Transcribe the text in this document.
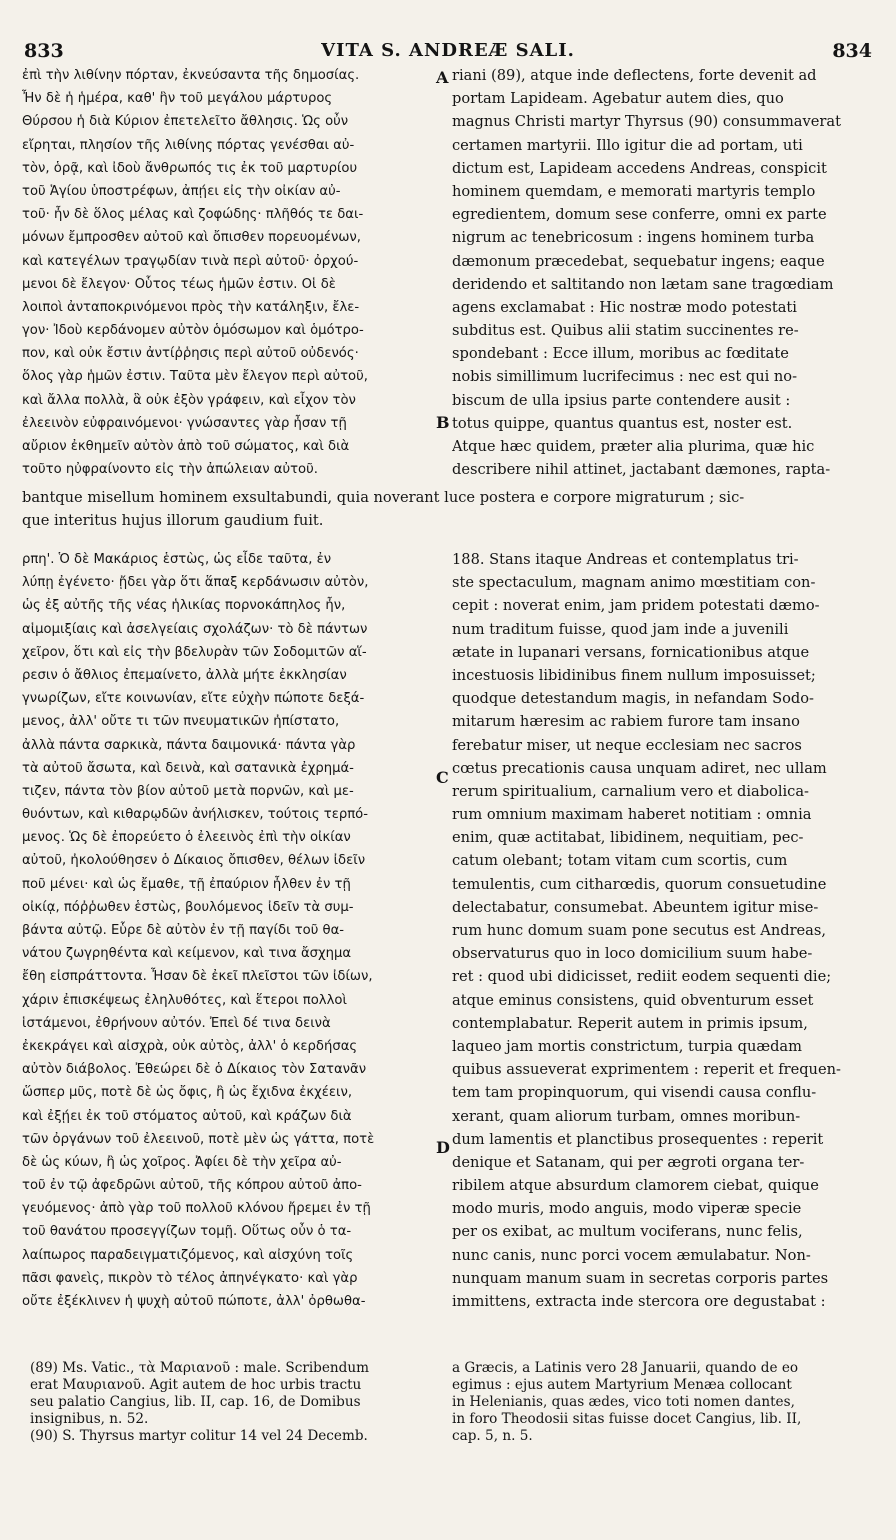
833	VITA S. ANDREÆ SALI.	834
ἐπὶ τὴν λιθίνην πόρταν, ἐκνεύσαντα τῆς δημοσίας.
Ἦν δὲ ἡ ἡμέρα, καθ' ἣν τοῦ μεγάλου μάρτυρος
Θύρσου ἡ διὰ Κύριον ἐπετελεῖτο ἄθλησις. Ὡς οὖν
εἴρηται, πλησίον τῆς λιθίνης πόρτας γενέσθαι αὐ-
τὸν, ὁρᾷ, καὶ ἰδοὺ ἄνθρωπός τις ἐκ τοῦ μαρτυρίου
τοῦ Ἁγίου ὑποστρέφων, ἀπῄει εἰς τὴν οἰκίαν αὐ-
τοῦ· ἦν δὲ ὅλος μέλας καὶ ζοφώδης· πλῆθός τε δαι-
μόνων ἔμπροσθεν αὐτοῦ καὶ ὄπισθεν πορευομένων,
καὶ κατεγέλων τραγῳδίαν τινὰ περὶ αὐτοῦ· ὀρχού-
μενοι δὲ ἔλεγον· Οὗτος τέως ἡμῶν ἐστιν. Οἱ δὲ
λοιποὶ ἀνταποκρινόμενοι πρὸς τὴν κατάληξιν, ἔλε-
γον· Ἰδοὺ κερδάνομεν αὐτὸν ὁμόσωμον καὶ ὁμότρο-
πον, καὶ οὐκ ἔστιν ἀντίῤῥησις περὶ αὐτοῦ οὐδενός·
ὅλος γὰρ ἡμῶν ἐστιν. Ταῦτα μὲν ἔλεγον περὶ αὐτοῦ,
καὶ ἄλλα πολλὰ, ἃ οὐκ ἐξὸν γράφειν, καὶ εἶχον τὸν
ἐλεεινὸν εὐφραινόμενοι· γνώσαντες γὰρ ἦσαν τῇ
αὔριον ἐκθημεῖν αὐτὸν ἀπὸ τοῦ σώματος, καὶ διὰ
τοῦτο ηὐφραίνοντο εἰς τὴν ἀπώλειαν αὐτοῦ.
riani (89), atque inde deflectens, forte devenit ad
portam Lapideam. Agebatur autem dies, quo
magnus Christi martyr Thyrsus (90) consummaverat
certamen martyrii. Illo igitur die ad portam, uti
dictum est, Lapideam accedens Andreas, conspicit
hominem quemdam, e memorati martyris templo
egredientem, domum sese conferre, omni ex parte
nigrum ac tenebricosum : ingens hominem turba
dæmonum præcedebat, sequebatur ingens; eaque
deridendo et saltitando non lætam sane tragœdiam
agens exclamabat : Hic nostræ modo potestati
subditus est. Quibus alii statim succinentes re-
spondebant : Ecce illum, moribus ac fœditate
nobis simillimum lucrifecimus : nec est qui no-
biscum de ulla ipsius parte contendere ausit :
totus quippe, quantus quantus est, noster est.
Atque hæc quidem, præter alia plurima, quæ hic
describere nihil attinet, jactabant dæmones, rapta-
A
B
bantque misellum hominem exsultabundi, quia noverant luce postera e corpore migraturum ; sic-
que interitus hujus illorum gaudium fuit.
ρπη'. Ὁ δὲ Μακάριος ἑστὼς, ὡς εἶδε ταῦτα, ἐν
λύπῃ ἐγένετο· ᾔδει γὰρ ὅτι ἅπαξ κερδάνωσιν αὐτὸν,
ὡς ἐξ αὐτῆς τῆς νέας ἡλικίας πορνοκάπηλος ἦν,
αἱμομιξίαις καὶ ἀσελγείαις σχολάζων· τὸ δὲ πάντων
χεῖρον, ὅτι καὶ εἰς τὴν βδελυρὰν τῶν Σοδομιτῶν αἵ-
ρεσιν ὁ ἄθλιος ἐπεμαίνετο, ἀλλὰ μήτε ἐκκλησίαν
γνωρίζων, εἴτε κοινωνίαν, εἴτε εὐχὴν πώποτε δεξά-
μενος, ἀλλ' οὔτε τι τῶν πνευματικῶν ἠπίστατο,
ἀλλὰ πάντα σαρκικὰ, πάντα δαιμονικά· πάντα γὰρ
τὰ αὐτοῦ ἄσωτα, καὶ δεινὰ, καὶ σατανικὰ ἐχρημά-
τιζεν, πάντα τὸν βίον αὐτοῦ μετὰ πορνῶν, καὶ με-
θυόντων, καὶ κιθαρῳδῶν ἀνήλισκεν, τούτοις τερπό-
μενος. Ὡς δὲ ἐπορεύετο ὁ ἐλεεινὸς ἐπὶ τὴν οἰκίαν
αὐτοῦ, ἠκολούθησεν ὁ Δίκαιος ὄπισθεν, θέλων ἰδεῖν
ποῦ μένει· καὶ ὡς ἔμαθε, τῇ ἐπαύριον ἦλθεν ἐν τῇ
οἰκίᾳ, πόῤῥωθεν ἑστὼς, βουλόμενος ἰδεῖν τὰ συμ-
βάντα αὐτῷ. Εὗρε δὲ αὐτὸν ἐν τῇ παγίδι τοῦ θα-
νάτου ζωγρηθέντα καὶ κείμενον, καὶ τινα ἄσχημα
ἔθη εἰσπράττοντα. Ἦσαν δὲ ἐκεῖ πλεῖστοι τῶν ἰδίων,
χάριν ἐπισκέψεως ἐληλυθότες, καὶ ἕτεροι πολλοὶ
ἱστάμενοι, ἐθρήνουν αὐτόν. Ἐπεὶ δέ τινα δεινὰ
ἐκεκράγει καὶ αἰσχρὰ, οὐκ αὐτὸς, ἀλλ' ὁ κερδήσας
αὐτὸν διάβολος. Ἐθεώρει δὲ ὁ Δίκαιος τὸν Σατανᾶν
ὥσπερ μῦς, ποτὲ δὲ ὡς ὄφις, ἢ ὡς ἔχιδνα ἐκχέειν,
καὶ ἐξῄει ἐκ τοῦ στόματος αὐτοῦ, καὶ κράζων διὰ
τῶν ὀργάνων τοῦ ἐλεεινοῦ, ποτὲ μὲν ὡς γάττα, ποτὲ
δὲ ὡς κύων, ἢ ὡς χοῖρος. Ἀφίει δὲ τὴν χεῖρα αὐ-
τοῦ ἐν τῷ ἀφεδρῶνι αὐτοῦ, τῆς κόπρου αὐτοῦ ἀπο-
γευόμενος· ἀπὸ γὰρ τοῦ πολλοῦ κλόνου ἤρεμει ἐν τῇ
τοῦ θανάτου προσεγγίζων τομῇ. Οὕτως οὖν ὁ τα-
λαίπωρος παραδειγματιζόμενος, καὶ αἰσχύνη τοῖς
πᾶσι φανεὶς, πικρὸν τὸ τέλος ἀπηνέγκατο· καὶ γὰρ
οὔτε ἐξέκλινεν ἡ ψυχὴ αὐτοῦ πώποτε, ἀλλ' ὀρθωθα-
188. Stans itaque Andreas et contemplatus tri-
ste spectaculum, magnam animo mœstitiam con-
cepit : noverat enim, jam pridem potestati dæmo-
num traditum fuisse, quod jam inde a juvenili
ætate in lupanari versans, fornicationibus atque
incestuosis libidinibus finem nullum imposuisset;
quodque detestandum magis, in nefandam Sodo-
mitarum hæresim ac rabiem furore tam insano
ferebatur miser, ut neque ecclesiam nec sacros
cœtus precationis causa unquam adiret, nec ullam
rerum spiritualium, carnalium vero et diabolica-
rum omnium maximam haberet notitiam : omnia
enim, quæ actitabat, libidinem, nequitiam, pec-
catum olebant; totam vitam cum scortis, cum
temulentis, cum citharœdis, quorum consuetudine
delectabatur, consumebat. Abeuntem igitur mise-
rum hunc domum suam pone secutus est Andreas,
observaturus quo in loco domicilium suum habe-
ret : quod ubi didicisset, rediit eodem sequenti die;
atque eminus consistens, quid obventurum esset
contemplabatur. Reperit autem in primis ipsum,
laqueo jam mortis constrictum, turpia quædam
quibus assueverat exprimentem : reperit et frequen-
tem tam propinquorum, qui visendi causa conflu-
xerant, quam aliorum turbam, omnes moribun-
dum lamentis et planctibus prosequentes : reperit
denique et Satanam, qui per ægroti organa ter-
ribilem atque absurdum clamorem ciebat, quique
modo muris, modo anguis, modo viperæ specie
per os exibat, ac multum vociferans, nunc felis,
nunc canis, nunc porci vocem æmulabatur. Non-
nunquam manum suam in secretas corporis partes
immittens, extracta inde stercora ore degustabat :
C
D
(89) Ms. Vatic., τὰ Μαριανοῦ : male. Scribendum
erat Μαυριανοῦ. Agit autem de hoc urbis tractu
seu palatio Cangius, lib. II, cap. 16, de Domibus
insignibus, n. 52.
(90) S. Thyrsus martyr colitur 14 vel 24 Decemb.
a Græcis, a Latinis vero 28 Januarii, quando de eo
egimus : ejus autem Martyrium Menæa collocant
in Helenianis, quas ædes, vico toti nomen dantes,
in foro Theodosii sitas fuisse docet Cangius, lib. II,
cap. 5, n. 5.
